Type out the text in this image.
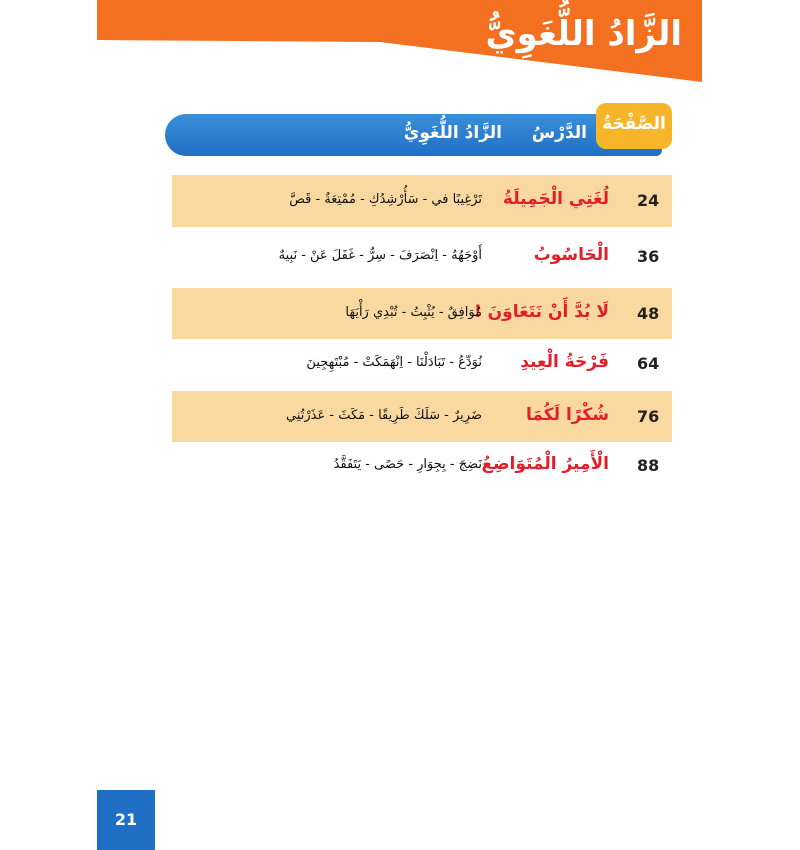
الزَّادُ اللُّغَوِيُّ
الزَّادُ اللُّغَوِيُّ الدَّرْسُ الصَّفْحَةُ
24
لُغَتِي الْجَمِيلَةُ
تَرْغِيبًا في - سَأُرْشِدُكِ - مُمْتِعَةٌ - قَصَّ
36
الْحَاسُوبُ
أَوْجَهُهُ - اِنْصَرَفَ - سِرٌّ - غَفَلَ عَنْ - نَبِيهٌ
48
لَا بُدَّ أَنْ نَتَعَاوَنَ !
مُوَافِقٌ - يُثْبِتُ - تُبْدِي رَأْيَهَا
64
فَرْحَةُ الْعِيدِ
نُوَدِّعُ - تَبَادَلْنَا - اِنْهَمَكَتْ - مُبْتَهِجِينَ
76
شُكْرًا لَكُمَا
ضَرِيرٌ - سَلَكَ طَرِيقًا - مَكَثَ - عَذَرْتُنِي
88
الْأَمِيرُ الْمُتَوَاضِعُ
نَضِجَ - بِجِوَارِ - حَصًى - يَتَفَقَّدُ
21
